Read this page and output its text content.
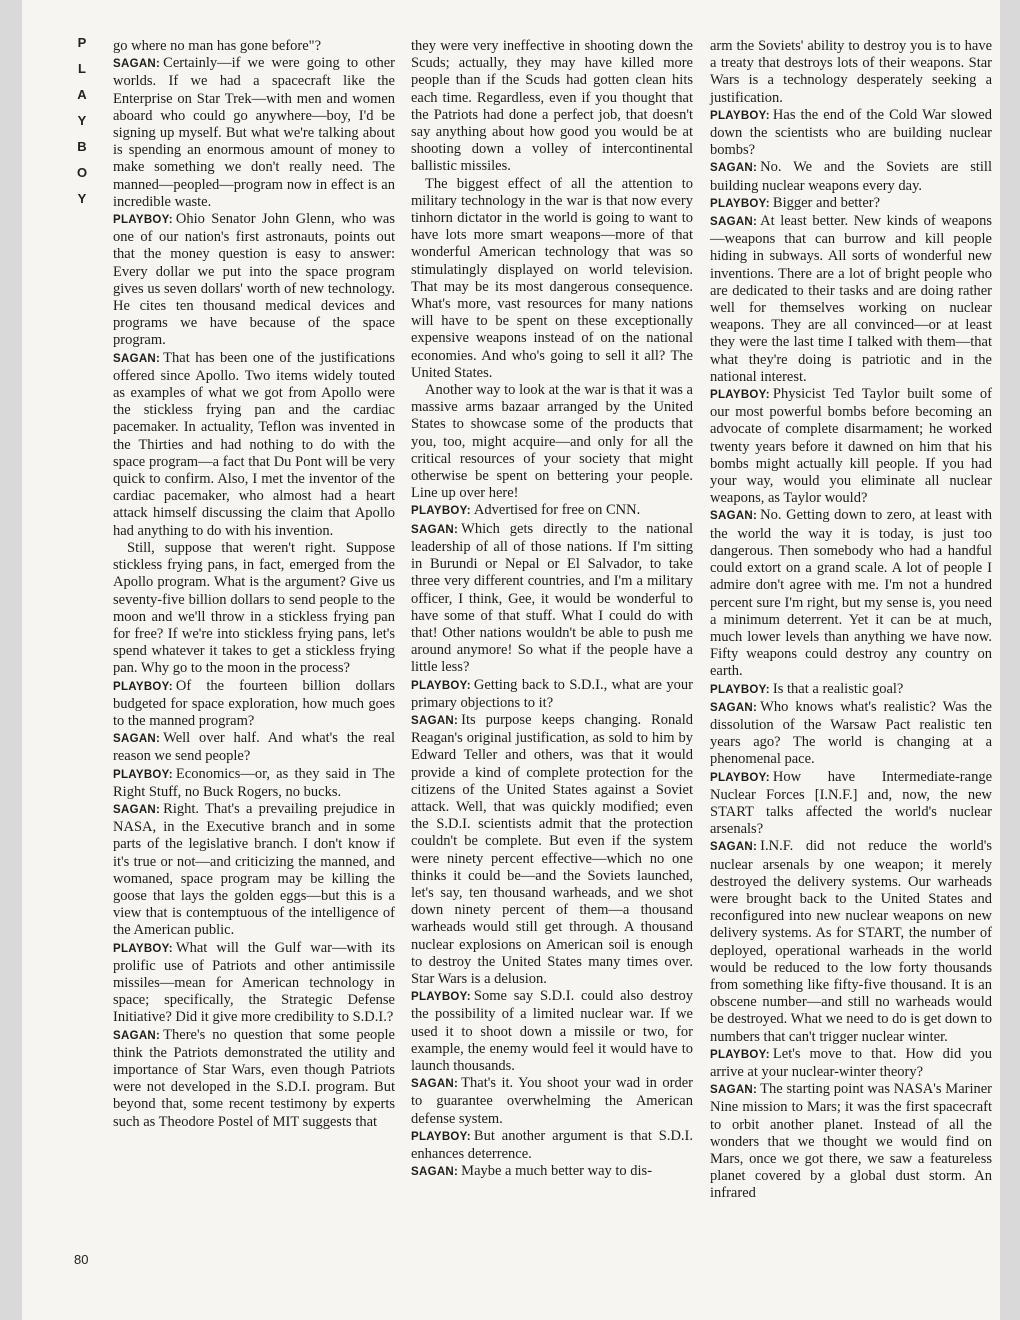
P
L
A
Y
B
O
Y

go where no man has gone before"?

SAGAN: Certainly—if we were going to other worlds. If we had a spacecraft like the Enterprise on Star Trek—with men and women aboard who could go anywhere—boy, I'd be signing up myself. But what we're talking about is spending an enormous amount of money to make something we don't really need. The manned—peopled—program now in effect is an incredible waste.

PLAYBOY: Ohio Senator John Glenn, who was one of our nation's first astronauts, points out that the money question is easy to answer: Every dollar we put into the space program gives us seven dollars' worth of new technology. He cites ten thousand medical devices and programs we have because of the space program.

SAGAN: That has been one of the justifications offered since Apollo. Two items widely touted as examples of what we got from Apollo were the stickless frying pan and the cardiac pacemaker. In actuality, Teflon was invented in the Thirties and had nothing to do with the space program—a fact that Du Pont will be very quick to confirm. Also, I met the inventor of the cardiac pacemaker, who almost had a heart attack himself discussing the claim that Apollo had anything to do with his invention.

Still, suppose that weren't right. Suppose stickless frying pans, in fact, emerged from the Apollo program. What is the argument? Give us seventy-five billion dollars to send people to the moon and we'll throw in a stickless frying pan for free? If we're into stickless frying pans, let's spend whatever it takes to get a stickless frying pan. Why go to the moon in the process?

PLAYBOY: Of the fourteen billion dollars budgeted for space exploration, how much goes to the manned program?

SAGAN: Well over half. And what's the real reason we send people?

PLAYBOY: Economics—or, as they said in The Right Stuff, no Buck Rogers, no bucks.

SAGAN: Right. That's a prevailing prejudice in NASA, in the Executive branch and in some parts of the legislative branch. I don't know if it's true or not—and criticizing the manned, and womaned, space program may be killing the goose that lays the golden eggs—but this is a view that is contemptuous of the intelligence of the American public.

PLAYBOY: What will the Gulf war—with its prolific use of Patriots and other antimissile missiles—mean for American technology in space; specifically, the Strategic Defense Initiative? Did it give more credibility to S.D.I.?

SAGAN: There's no question that some people think the Patriots demonstrated the utility and importance of Star Wars, even though Patriots were not developed in the S.D.I. program. But beyond that, some recent testimony by experts such as Theodore Postel of MIT suggests that

they were very ineffective in shooting down the Scuds; actually, they may have killed more people than if the Scuds had gotten clean hits each time. Regardless, even if you thought that the Patriots had done a perfect job, that doesn't say anything about how good you would be at shooting down a volley of intercontinental ballistic missiles.

The biggest effect of all the attention to military technology in the war is that now every tinhorn dictator in the world is going to want to have lots more smart weapons—more of that wonderful American technology that was so stimulatingly displayed on world television. That may be its most dangerous consequence. What's more, vast resources for many nations will have to be spent on these exceptionally expensive weapons instead of on the national economies. And who's going to sell it all? The United States.

Another way to look at the war is that it was a massive arms bazaar arranged by the United States to showcase some of the products that you, too, might acquire—and only for all the critical resources of your society that might otherwise be spent on bettering your people. Line up over here!

PLAYBOY: Advertised for free on CNN.

SAGAN: Which gets directly to the national leadership of all of those nations. If I'm sitting in Burundi or Nepal or El Salvador, to take three very different countries, and I'm a military officer, I think, Gee, it would be wonderful to have some of that stuff. What I could do with that! Other nations wouldn't be able to push me around anymore! So what if the people have a little less?

PLAYBOY: Getting back to S.D.I., what are your primary objections to it?

SAGAN: Its purpose keeps changing. Ronald Reagan's original justification, as sold to him by Edward Teller and others, was that it would provide a kind of complete protection for the citizens of the United States against a Soviet attack. Well, that was quickly modified; even the S.D.I. scientists admit that the protection couldn't be complete. But even if the system were ninety percent effective—which no one thinks it could be—and the Soviets launched, let's say, ten thousand warheads, and we shot down ninety percent of them—a thousand warheads would still get through. A thousand nuclear explosions on American soil is enough to destroy the United States many times over. Star Wars is a delusion.

PLAYBOY: Some say S.D.I. could also destroy the possibility of a limited nuclear war. If we used it to shoot down a missile or two, for example, the enemy would feel it would have to launch thousands.

SAGAN: That's it. You shoot your wad in order to guarantee overwhelming the American defense system.

PLAYBOY: But another argument is that S.D.I. enhances deterrence.

SAGAN: Maybe a much better way to dis-

arm the Soviets' ability to destroy you is to have a treaty that destroys lots of their weapons. Star Wars is a technology desperately seeking a justification.

PLAYBOY: Has the end of the Cold War slowed down the scientists who are building nuclear bombs?

SAGAN: No. We and the Soviets are still building nuclear weapons every day.

PLAYBOY: Bigger and better?

SAGAN: At least better. New kinds of weapons—weapons that can burrow and kill people hiding in subways. All sorts of wonderful new inventions. There are a lot of bright people who are dedicated to their tasks and are doing rather well for themselves working on nuclear weapons. They are all convinced—or at least they were the last time I talked with them—that what they're doing is patriotic and in the national interest.

PLAYBOY: Physicist Ted Taylor built some of our most powerful bombs before becoming an advocate of complete disarmament; he worked twenty years before it dawned on him that his bombs might actually kill people. If you had your way, would you eliminate all nuclear weapons, as Taylor would?

SAGAN: No. Getting down to zero, at least with the world the way it is today, is just too dangerous. Then somebody who had a handful could extort on a grand scale. A lot of people I admire don't agree with me. I'm not a hundred percent sure I'm right, but my sense is, you need a minimum deterrent. Yet it can be at much, much lower levels than anything we have now. Fifty weapons could destroy any country on earth.

PLAYBOY: Is that a realistic goal?

SAGAN: Who knows what's realistic? Was the dissolution of the Warsaw Pact realistic ten years ago? The world is changing at a phenomenal pace.

PLAYBOY: How have Intermediate-range Nuclear Forces [I.N.F.] and, now, the new START talks affected the world's nuclear arsenals?

SAGAN: I.N.F. did not reduce the world's nuclear arsenals by one weapon; it merely destroyed the delivery systems. Our warheads were brought back to the United States and reconfigured into new nuclear weapons on new delivery systems. As for START, the number of deployed, operational warheads in the world would be reduced to the low forty thousands from something like fifty-five thousand. It is an obscene number—and still no warheads would be destroyed. What we need to do is get down to numbers that can't trigger nuclear winter.

PLAYBOY: Let's move to that. How did you arrive at your nuclear-winter theory?

SAGAN: The starting point was NASA's Mariner Nine mission to Mars; it was the first spacecraft to orbit another planet. Instead of all the wonders that we thought we would find on Mars, once we got there, we saw a featureless planet covered by a global dust storm. An infrared

80
